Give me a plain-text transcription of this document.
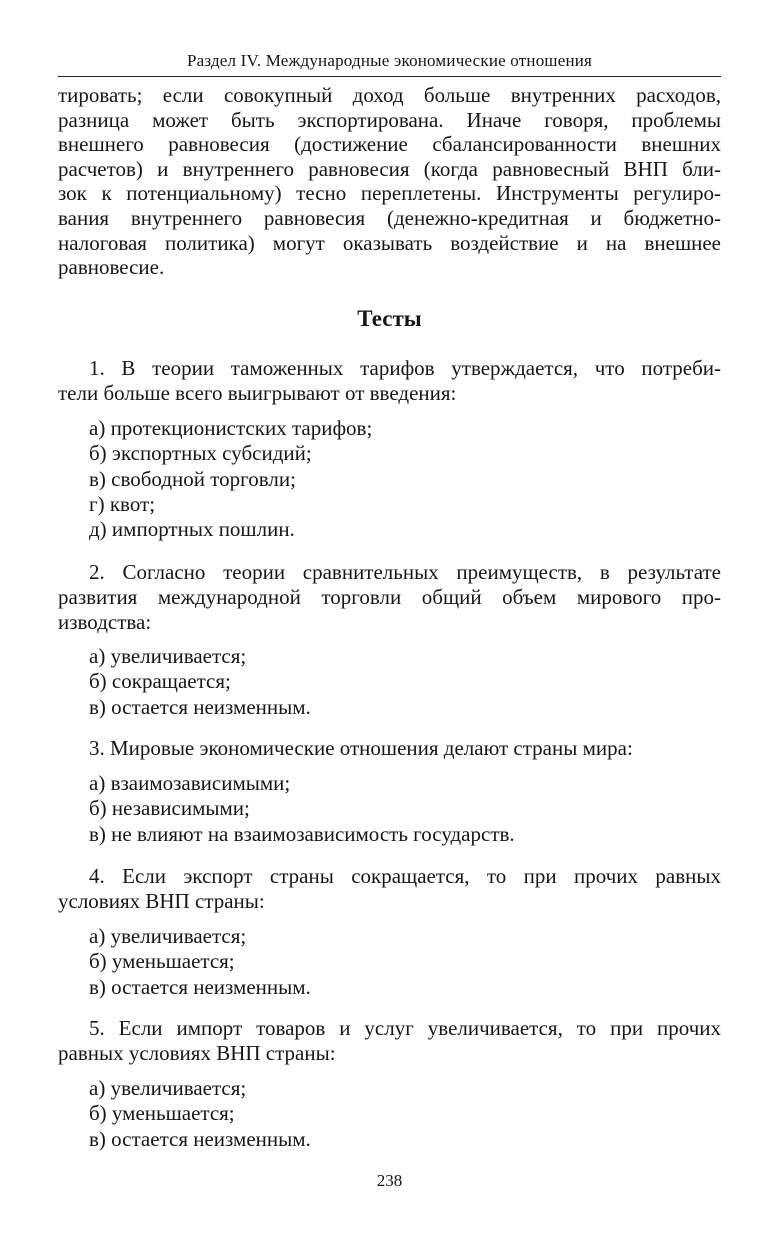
Раздел IV. Международные экономические отношения
тировать; если совокупный доход больше внутренних расходов,
разница может быть экспортирована. Иначе говоря, проблемы
внешнего равновесия (достижение сбалансированности внешних
расчетов) и внутреннего равновесия (когда равновесный ВНП бли-
зок к потенциальному) тесно переплетены. Инструменты регулиро-
вания внутреннего равновесия (денежно-кредитная и бюджетно-
налоговая политика) могут оказывать воздействие и на внешнее
равновесие.
Тесты
1. В теории таможенных тарифов утверждается, что потреби-
тели больше всего выигрывают от введения:
а) протекционистских тарифов;
б) экспортных субсидий;
в) свободной торговли;
г) квот;
д) импортных пошлин.
2. Согласно теории сравнительных преимуществ, в результате
развития международной торговли общий объем мирового про-
изводства:
а) увеличивается;
б) сокращается;
в) остается неизменным.
3. Мировые экономические отношения делают страны мира:
а) взаимозависимыми;
б) независимыми;
в) не влияют на взаимозависимость государств.
4. Если экспорт страны сокращается, то при прочих равных
условиях ВНП страны:
а) увеличивается;
б) уменьшается;
в) остается неизменным.
5. Если импорт товаров и услуг увеличивается, то при прочих
равных условиях ВНП страны:
а) увеличивается;
б) уменьшается;
в) остается неизменным.
238
